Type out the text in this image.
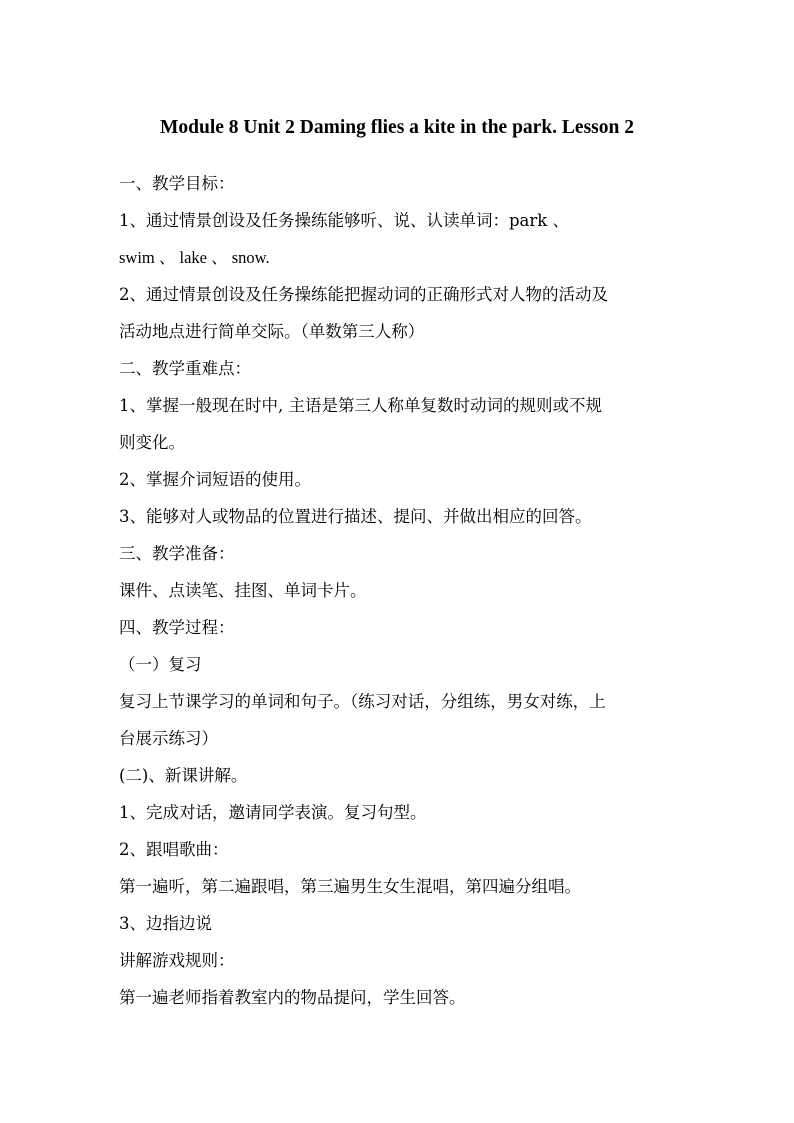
Module 8 Unit 2 Daming flies a kite in the park. Lesson 2
一、教学目标：
1、通过情景创设及任务操练能够听、说、认读单词：park 、
swim 、 lake 、 snow.
2、通过情景创设及任务操练能把握动词的正确形式对人物的活动及
活动地点进行简单交际。（单数第三人称）
二、教学重难点：
1、掌握一般现在时中, 主语是第三人称单复数时动词的规则或不规
则变化。
2、掌握介词短语的使用。
3、能够对人或物品的位置进行描述、提问、并做出相应的回答。
三、教学准备：
课件、点读笔、挂图、单词卡片。
四、教学过程：
（一）复习
复习上节课学习的单词和句子。（练习对话，分组练，男女对练，上
台展示练习）
(二)、新课讲解。
1、完成对话，邀请同学表演。复习句型。
2、跟唱歌曲：
第一遍听，第二遍跟唱，第三遍男生女生混唱，第四遍分组唱。
3、边指边说
讲解游戏规则：
第一遍老师指着教室内的物品提问，学生回答。
